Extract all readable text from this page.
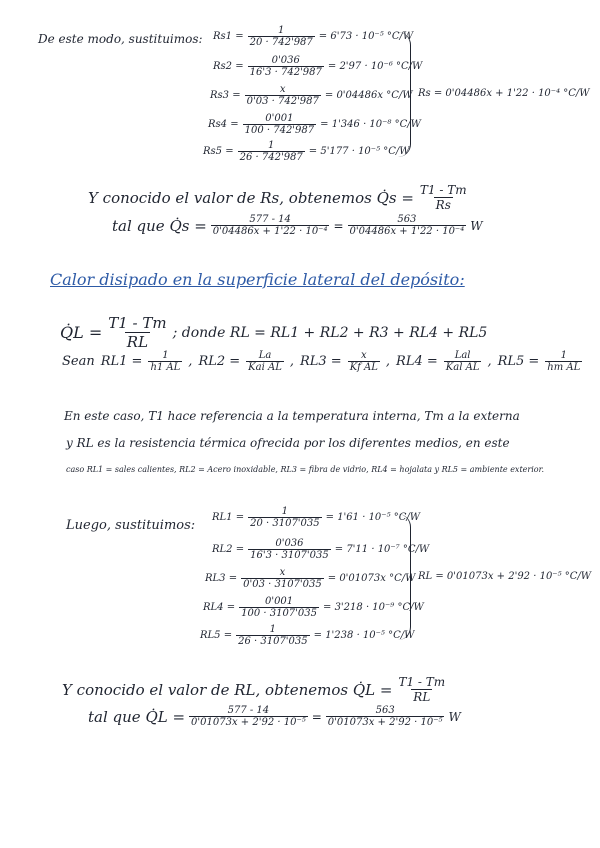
De este modo, sustituimos: $Rs1 = \frac{1}{20 \cdot 742'987} = 6'73 \cdot 10^{-5}$ °C/W
$Rs2 = \frac{0'036}{16'3 \cdot 742'987} = 2'97 \cdot 10^{-6}$ °C/W
$Rs3 = \frac{x}{0'03 \cdot 742'987} = 0'04486x$ °C/W
$Rs4 = \frac{0'001}{100 \cdot 742'987} = 1'346 \cdot 10^{-8}$ °C/W
$Rs5 = \frac{1}{26 \cdot 742'987} = 5'177 \cdot 10^{-5}$ °C/W
Rs = 0'04486x + 1'22 · 10⁻⁴ °C/W
Y conocido el valor de Rs, obtenemos Q̇s = $\frac{T1 - Tm}{Rs}$
tal que Q̇s = $\frac{577 - 14}{\text{0'04486x + 1'22 · 10⁻⁴}} = \frac{563}{\text{0'04486x + 1'22 · 10⁻⁴}}$ W
Calor disipado en la superficie lateral del depósito:
Q̇L = $\frac{T1 - Tm}{RL}$ ; donde RL = RL1 + RL2 + R3 + RL4 + RL5
Sean $RL1 = \frac{1}{h1 AL}$ , $RL2 = \frac{La}{\text{Kai AL}}$ , $RL3 = \frac{x}{\text{Kf AL}}$ , $RL4 = \frac{\text{Lal}}{\text{Kal AL}}$ , $RL5 = \frac{1}{\text{hm AL}}$
En este caso, T1 hace referencia a la temperatura interna, Tm a la externa
y RL es la resistencia térmica ofrecida por los diferentes medios, en este
caso RL1 = sales calientes, RL2 = Acero inoxidable, RL3 = fibra de vidrio, RL4 = hojalata y RL5 = ambiente exterior.
Luego, sustituimos:
$RL1 = \frac{1}{20 \cdot 3107'035} = 1'61 \cdot 10^{-5}$ °C/W
$RL2 = \frac{0'036}{16'3 \cdot 3107'035} = 7'11 \cdot 10^{-7}$ °C/W
$RL3 = \frac{x}{0'03 \cdot 3107'035} = 0'01073x$ °C/W
$RL4 = \frac{0'001}{100 \cdot 3107'035} = 3'218 \cdot 10^{-9}$ °C/W
$RL5 = \frac{1}{26 \cdot 3107'035} = 1'238 \cdot 10^{-5}$ °C/W
RL = 0'01073x + 2'92 · 10⁻⁵ °C/W
Y conocido el valor de RL, obtenemos Q̇L = $\frac{T1 - Tm}{RL}$
tal que Q̇L = $\frac{577 - 14}{\text{0'01073x + 2'92 · 10⁻⁵}} = \frac{563}{\text{0'01073x + 2'92 · 10⁻⁵}}$ W
